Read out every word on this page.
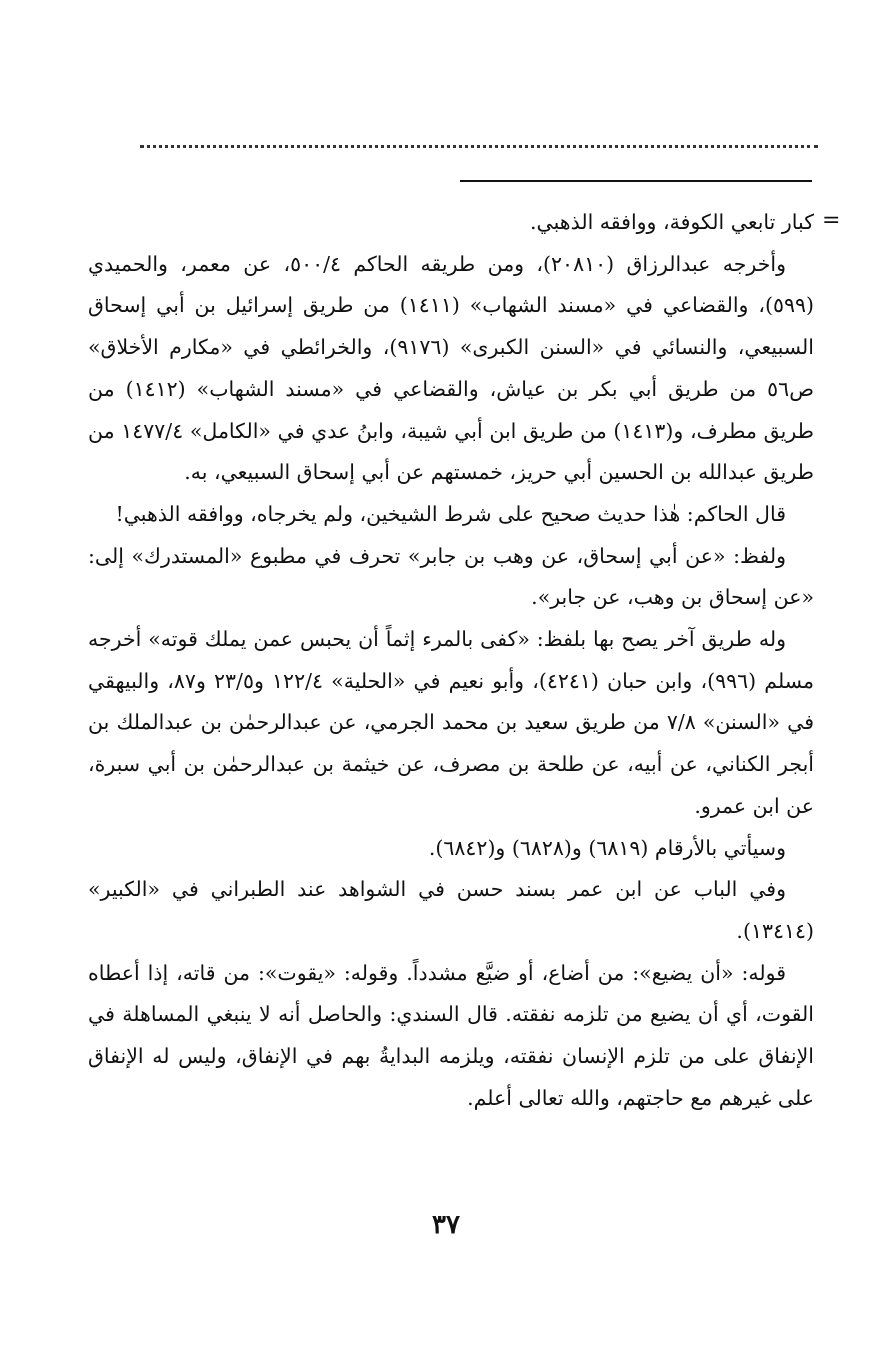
=

كبار تابعي الكوفة، ووافقه الذهبي.

وأخرجه عبدالرزاق (٢٠٨١٠)، ومن طريقه الحاكم ٥٠٠/٤، عن معمر، والحميدي (٥٩٩)، والقضاعي في «مسند الشهاب» (١٤١١) من طريق إسرائيل بن أبي إسحاق السبيعي، والنسائي في «السنن الكبرى» (٩١٧٦)، والخرائطي في «مكارم الأخلاق» ص٥٦ من طريق أبي بكر بن عياش، والقضاعي في «مسند الشهاب» (١٤١٢) من طريق مطرف، و(١٤١٣) من طريق ابن أبي شيبة، وابنُ عدي في «الكامل» ١٤٧٧/٤ من طريق عبدالله بن الحسين أبي حريز، خمستهم عن أبي إسحاق السبيعي، به.

قال الحاكم: هٰذا حديث صحيح على شرط الشيخين، ولم يخرجاه، ووافقه الذهبي!

ولفظ: «عن أبي إسحاق، عن وهب بن جابر» تحرف في مطبوع «المستدرك» إلى: «عن إسحاق بن وهب، عن جابر».

وله طريق آخر يصح بها بلفظ: «كفى بالمرء إثماً أن يحبس عمن يملك قوته» أخرجه مسلم (٩٩٦)، وابن حبان (٤٢٤١)، وأبو نعيم في «الحلية» ١٢٢/٤ و٢٣/٥ و٨٧، والبيهقي في «السنن» ٧/٨ من طريق سعيد بن محمد الجرمي، عن عبدالرحمٰن بن عبدالملك بن أبجر الكناني، عن أبيه، عن طلحة بن مصرف، عن خيثمة بن عبدالرحمٰن بن أبي سبرة، عن ابن عمرو.

وسيأتي بالأرقام (٦٨١٩) و(٦٨٢٨) و(٦٨٤٢).

وفي الباب عن ابن عمر بسند حسن في الشواهد عند الطبراني في «الكبير» (١٣٤١٤).

قوله: «أن يضيع»: من أضاع، أو ضيَّع مشدداً. وقوله: «يقوت»: من قاته، إذا أعطاه القوت، أي أن يضيع من تلزمه نفقته. قال السندي: والحاصل أنه لا ينبغي المساهلة في الإنفاق على من تلزم الإنسان نفقته، ويلزمه البدايةُ بهم في الإنفاق، وليس له الإنفاق على غيرهم مع حاجتهم، والله تعالى أعلم.

٣٧
